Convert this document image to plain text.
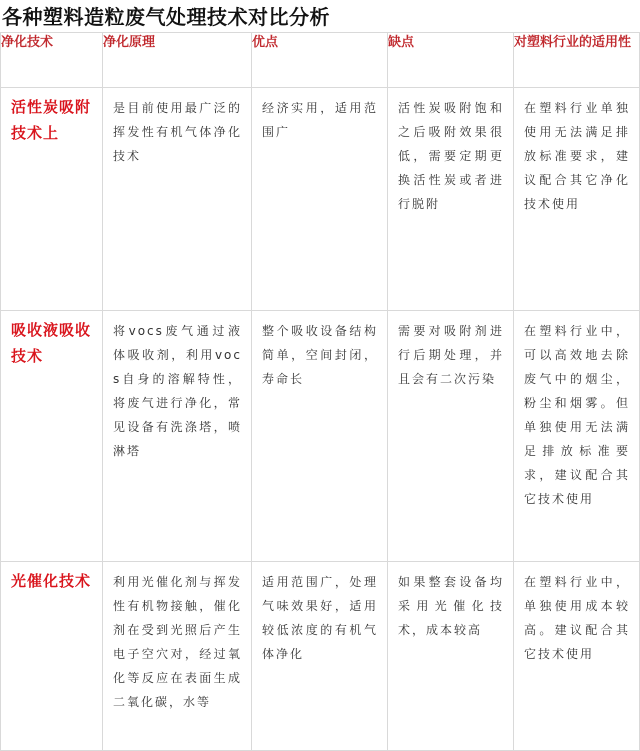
各种塑料造粒废气处理技术对比分析
净化技术	净化原理	优点	缺点	对塑料行业的适用性
活性炭吸附技术上	是目前使用最广泛的挥发性有机气体净化技术	经济实用，适用范围广	活性炭吸附饱和之后吸附效果很低，需要定期更换活性炭或者进行脱附	在塑料行业单独使用无法满足排放标准要求，建议配合其它净化技术使用
吸收液吸收技术	将vocs废气通过液体吸收剂，利用vocs自身的溶解特性，将废气进行净化，常见设备有洗涤塔，喷淋塔	整个吸收设备结构简单，空间封闭，寿命长	需要对吸附剂进行后期处理，并且会有二次污染	在塑料行业中，可以高效地去除废气中的烟尘，粉尘和烟雾。但单独使用无法满足排放标准要求，建议配合其它技术使用
光催化技术	利用光催化剂与挥发性有机物接触，催化剂在受到光照后产生电子空穴对，经过氧化等反应在表面生成二氧化碳，水等	适用范围广，处理气味效果好，适用较低浓度的有机气体净化	如果整套设备均采用光催化技术，成本较高	在塑料行业中，单独使用成本较高。建议配合其它技术使用
